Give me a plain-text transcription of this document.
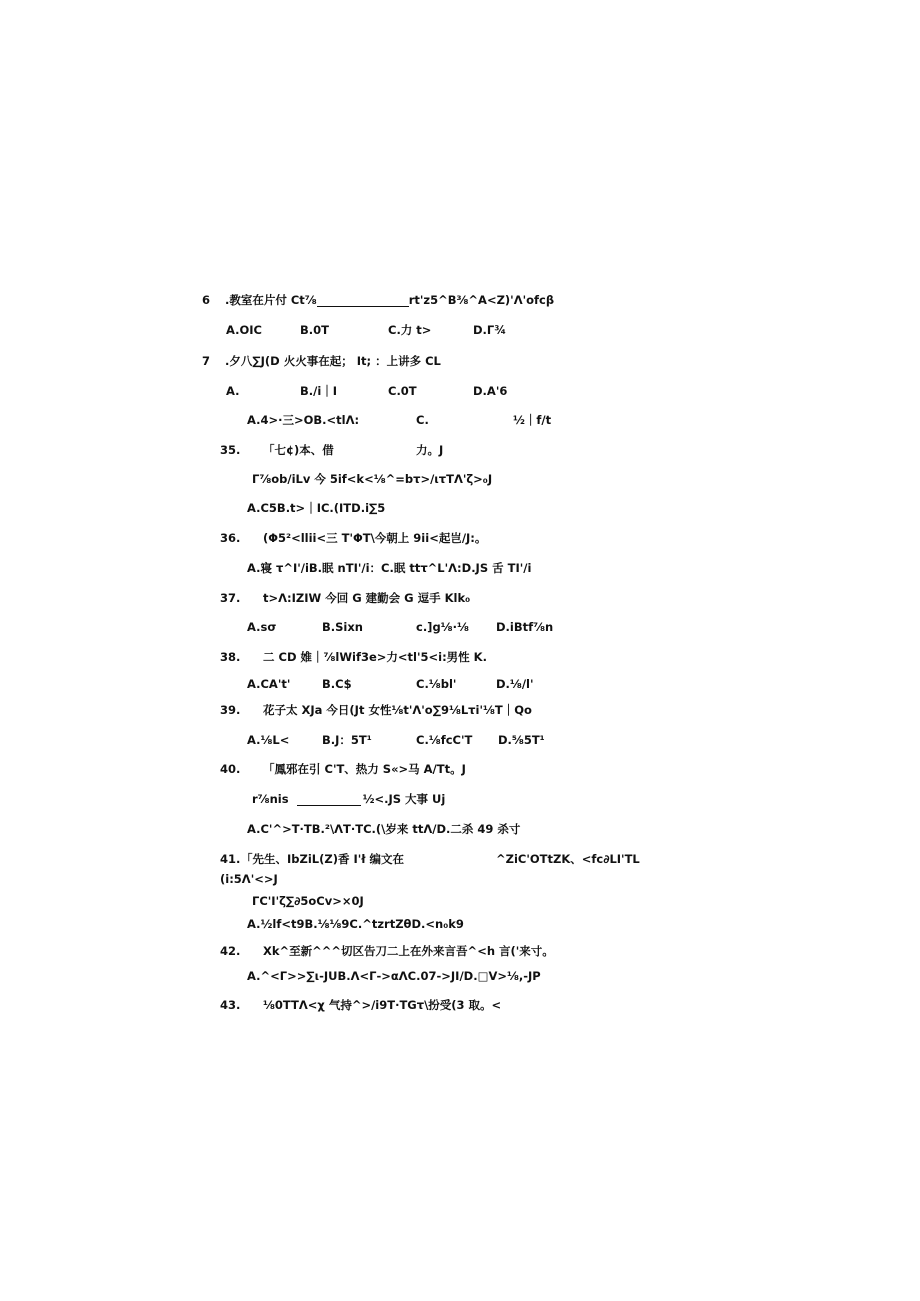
6 .教室在片付 Ct⅞	rt'z5^B⅜^A<Z)'Λ'ofcβ
A.OIC	B.0T	C.力 t>	D.Γ¾
7 .夕八∑J(D 火火事在起； It; ：上讲多 CL
A.	B./i｜I	C.0T	D.A'6
A.4>·三>OB.<tlΛ:	C.	½｜f/t
35. 「七¢)本、借	力。J
Γ⅞ob/iLv 今 5if<k<⅛^=bτ>/ιτTΛ'ζ>₀J
A.C5B.t>｜IC.(ITD.i∑5
36. (Φ5²<llii<三 T'ΦT\今朝上 9ii<起岂/J:。
A.寝 τ^I'/iB.眠 nTI'/i：C.眠 ttτ^L'Λ:D.JS 舌 TI'/i
37. t>Λ:IZIW 今回 G 建勤会 G 逗手 Klk₀
A.sσ	B.Sixn	c.]g⅛·⅛ D.iBtf⅞n
38. 二 CD 婎｜⅞lWif3e>力<tl'5<i:男性 K.
A.CA't'	B.C$	C.⅛bl'	D.⅛/l'
39. 花子太 XJa 今日(Jt 女性⅛t'Λ'o∑9⅛Lτi'⅛T｜Qo
A.⅛L<	B.J：5T¹	C.⅛fcC'T D.⅝5T¹
40. 「鳳邪在引 C'T、热力 S«>马 A/Tt。J
r⅞nis	½<.JS 大事 Uj
A.C'^>T·TB.²\ΛT·TC.(\岁来 ttΛ/D.二杀 49 杀寸
41. 「先生、IbZiL(Z)香 I'ł 编文在	^ZiC'OTtZK、<fc∂LI'TL
(i:5Λ'<>J
ΓC'I'ζ∑∂5oCv>×0J
A.½lf<t9B.⅛⅛9C.^tzrtZθD.<n₀k9
42. Xk^至新^^^切区告刀二上在外来言吾^<h 言('来寸。
A.^<Γ>>∑ι-JUB.Λ<Γ->αΛC.07->JI/D.□V>⅛,-JP
43. ⅛0TTΛ<χ 气持^>/i9T·TGτ\扮受(3 取。<
